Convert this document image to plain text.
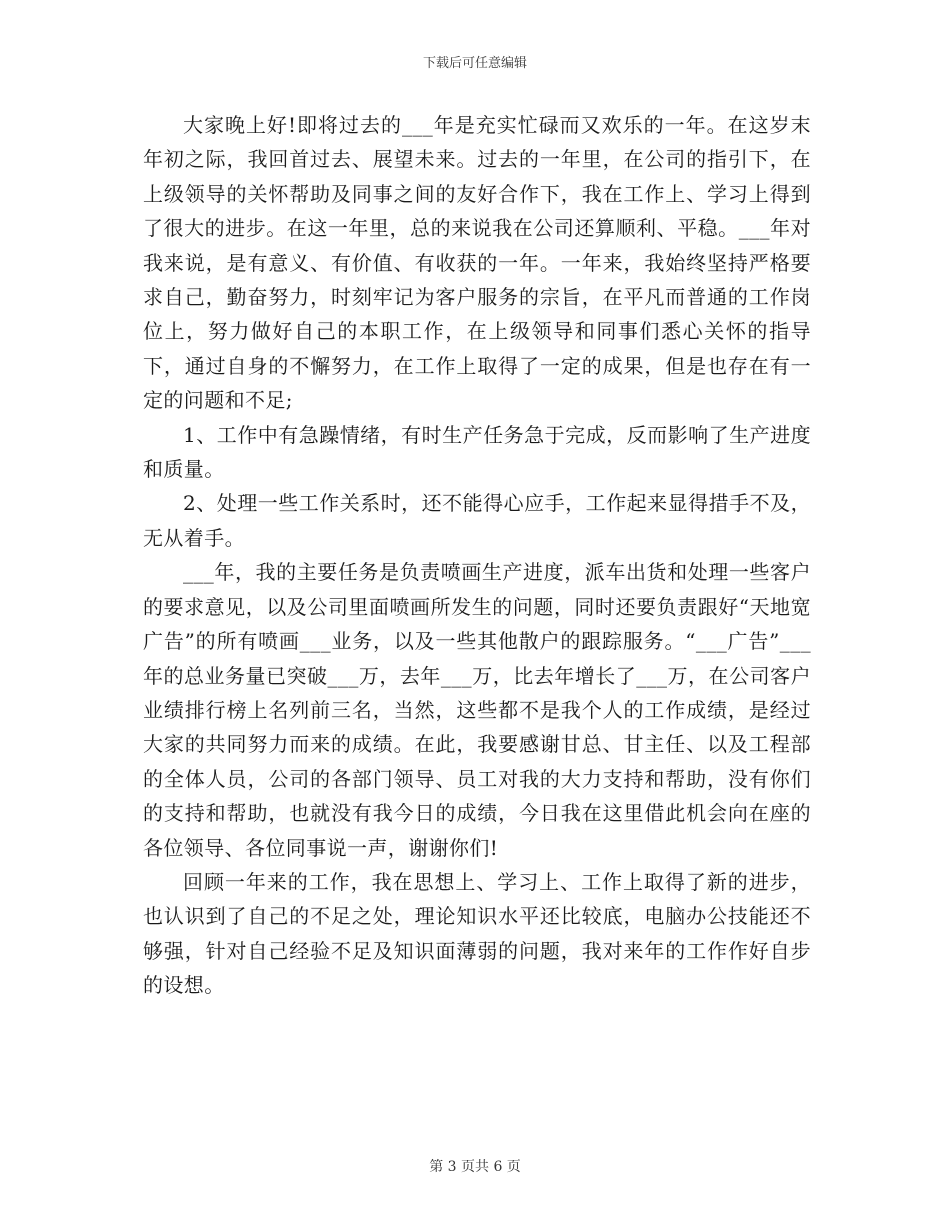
下载后可任意编辑

大家晚上好!即将过去的___年是充实忙碌而又欢乐的一年。在这岁末年初之际，我回首过去、展望未来。过去的一年里，在公司的指引下，在上级领导的关怀帮助及同事之间的友好合作下，我在工作上、学习上得到了很大的进步。在这一年里，总的来说我在公司还算顺利、平稳。___年对我来说，是有意义、有价值、有收获的一年。一年来，我始终坚持严格要求自己，勤奋努力，时刻牢记为客户服务的宗旨，在平凡而普通的工作岗位上，努力做好自己的本职工作，在上级领导和同事们悉心关怀的指导下，通过自身的不懈努力，在工作上取得了一定的成果，但是也存在有一定的问题和不足;

1、工作中有急躁情绪，有时生产任务急于完成，反而影响了生产进度和质量。

2、处理一些工作关系时，还不能得心应手，工作起来显得措手不及，无从着手。

___年，我的主要任务是负责喷画生产进度，派车出货和处理一些客户的要求意见，以及公司里面喷画所发生的问题，同时还要负责跟好“天地宽广告”的所有喷画___业务，以及一些其他散户的跟踪服务。“___广告”___年的总业务量已突破___万，去年___万，比去年增长了___万，在公司客户业绩排行榜上名列前三名，当然，这些都不是我个人的工作成绩，是经过大家的共同努力而来的成绩。在此，我要感谢甘总、甘主任、以及工程部的全体人员，公司的各部门领导、员工对我的大力支持和帮助，没有你们的支持和帮助，也就没有我今日的成绩，今日我在这里借此机会向在座的各位领导、各位同事说一声，谢谢你们!

回顾一年来的工作，我在思想上、学习上、工作上取得了新的进步，也认识到了自己的不足之处，理论知识水平还比较底，电脑办公技能还不够强，针对自己经验不足及知识面薄弱的问题，我对来年的工作作好自步的设想。

第 3 页共 6 页
